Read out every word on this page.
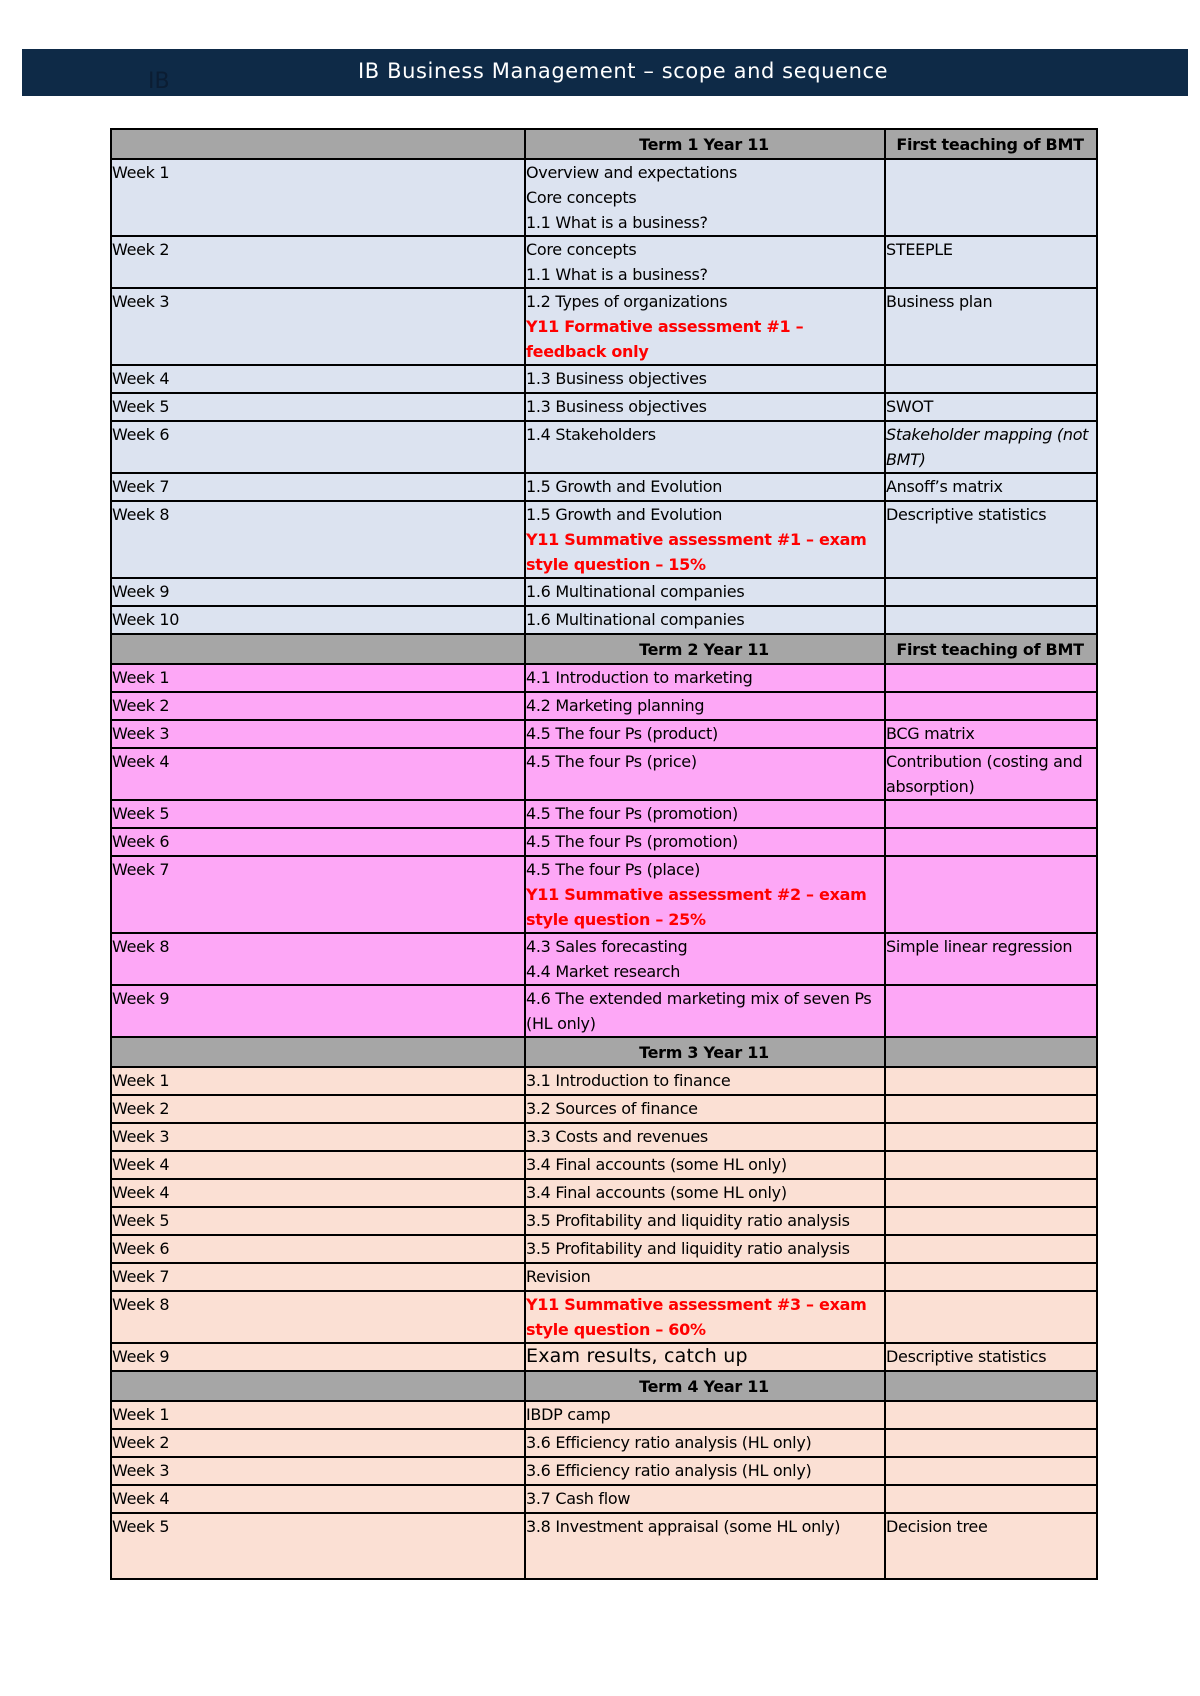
IB	IB Business Management – scope and sequence
	Term 1 Year 11	First teaching of BMT
Week 1	Overview and expectations
Core concepts
1.1 What is a business?	

Week 2	Core concepts
1.1 What is a business?	STEEPLE

Week 3	1.2 Types of organizations
Y11 Formative assessment #1 – feedback only	Business plan

Week 4	1.3 Business objectives	

Week 5	1.3 Business objectives	SWOT

Week 6	1.4 Stakeholders	Stakeholder mapping (not BMT)

Week 7	1.5 Growth and Evolution	Ansoff’s matrix

Week 8	1.5 Growth and Evolution
Y11 Summative assessment #1 – exam style question – 15%	Descriptive statistics

Week 9	1.6 Multinational companies	

Week 10	1.6 Multinational companies	

	Term 2 Year 11	First teaching of BMT
Week 1	4.1 Introduction to marketing	

Week 2	4.2 Marketing planning	

Week 3	4.5 The four Ps (product)	BCG matrix

Week 4	4.5 The four Ps (price)	Contribution (costing and absorption)

Week 5	4.5 The four Ps (promotion)	

Week 6	4.5 The four Ps (promotion)	

Week 7	4.5 The four Ps (place)
Y11 Summative assessment #2 – exam style question – 25%	

Week 8	4.3 Sales forecasting
4.4 Market research	Simple linear regression

Week 9	4.6 The extended marketing mix of seven Ps (HL only)	

	Term 3 Year 11	
Week 1	3.1 Introduction to finance	

Week 2	3.2 Sources of finance	

Week 3	3.3 Costs and revenues	

Week 4	3.4 Final accounts (some HL only)	

Week 4	3.4 Final accounts (some HL only)	

Week 5	3.5 Profitability and liquidity ratio analysis	

Week 6	3.5 Profitability and liquidity ratio analysis	

Week 7	Revision	

Week 8	Y11 Summative assessment #3 – exam style question – 60%	

Week 9	Exam results, catch up	Descriptive statistics

	Term 4 Year 11	
Week 1	IBDP camp	

Week 2	3.6 Efficiency ratio analysis (HL only)	

Week 3	3.6 Efficiency ratio analysis (HL only)	

Week 4	3.7 Cash flow	

Week 5	3.8 Investment appraisal (some HL only)	Decision tree
